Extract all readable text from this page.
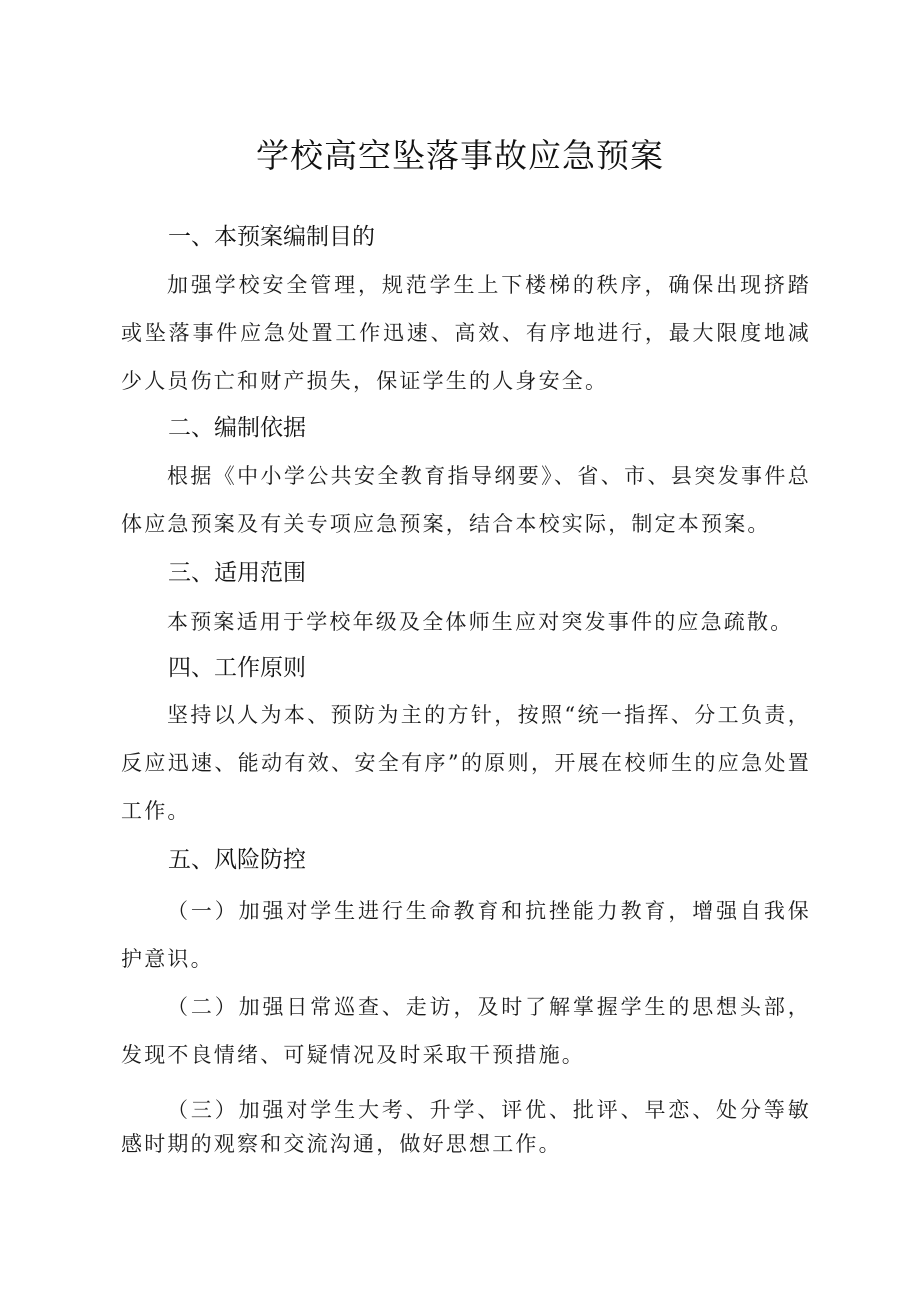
学校高空坠落事故应急预案
一、本预案编制目的
加强学校安全管理，规范学生上下楼梯的秩序，确保出现挤踏或坠落事件应急处置工作迅速、高效、有序地进行，最大限度地减少人员伤亡和财产损失，保证学生的人身安全。
二、编制依据
根据《中小学公共安全教育指导纲要》、省、市、县突发事件总体应急预案及有关专项应急预案，结合本校实际，制定本预案。
三、适用范围
本预案适用于学校年级及全体师生应对突发事件的应急疏散。
四、工作原则
坚持以人为本、预防为主的方针，按照“统一指挥、分工负责，反应迅速、能动有效、安全有序”的原则，开展在校师生的应急处置工作。
五、风险防控
（一）加强对学生进行生命教育和抗挫能力教育，增强自我保护意识。
（二）加强日常巡查、走访，及时了解掌握学生的思想头部，发现不良情绪、可疑情况及时采取干预措施。
（三）加强对学生大考、升学、评优、批评、早恋、处分等敏感时期的观察和交流沟通，做好思想工作。
